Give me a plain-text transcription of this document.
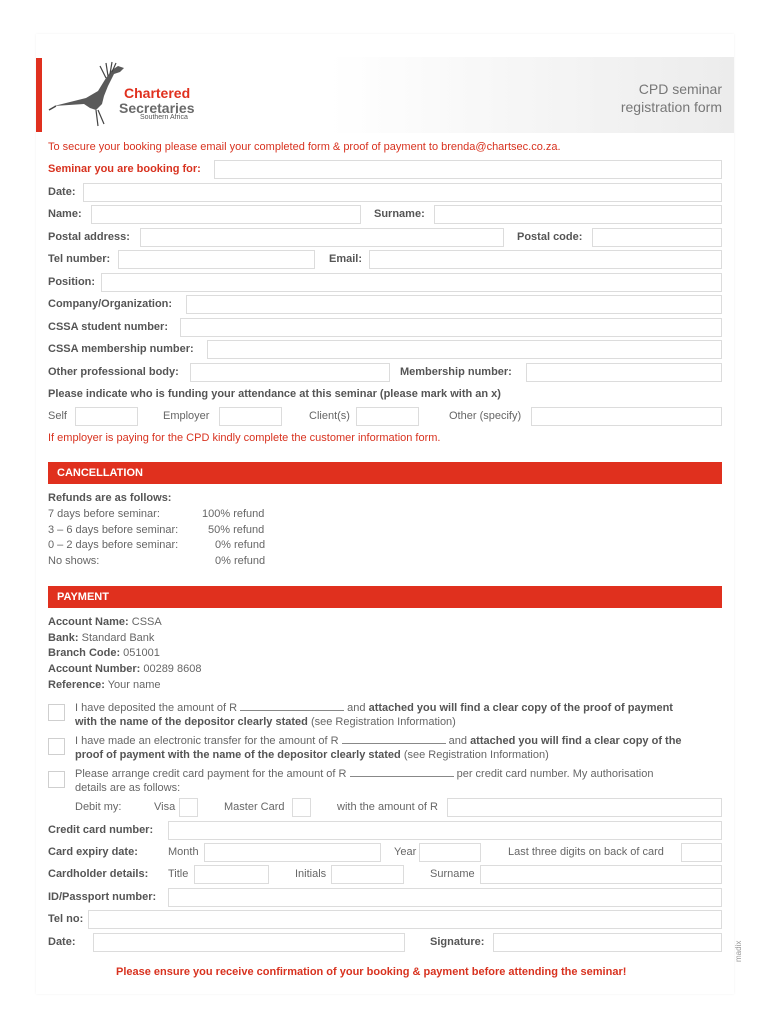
Chartered
Secretaries
Southern Africa
CPD seminar
registration form
To secure your booking please email your completed form & proof of payment to brenda@chartsec.co.za.
Seminar you are booking for:
Date:
Name:	Surname:
Postal address:	Postal code:
Tel number:	Email:
Position:
Company/Organization:
CSSA student number:
CSSA membership number:
Other professional body:	Membership number:
Please indicate who is funding your attendance at this seminar (please mark with an x)
Self	Employer	Client(s)	Other (specify)
If employer is paying for the CPD kindly complete the customer information form.
CANCELLATION
Refunds are as follows:
7 days before seminar:	100% refund
3 – 6 days before seminar:	50% refund
0 – 2 days before seminar:	0% refund
No shows:	0% refund
PAYMENT
Account Name: CSSA
Bank: Standard Bank
Branch Code: 051001
Account Number: 00289 8608
Reference: Your name
I have deposited the amount of R	and attached you will find a clear copy of the proof of payment
with the name of the depositor clearly stated (see Registration Information)
I have made an electronic transfer for the amount of R	and attached you will find a clear copy of the
proof of payment with the name of the depositor clearly stated (see Registration Information)
Please arrange credit card payment for the amount of R	per credit card number. My authorisation
details are as follows:
Debit my:	Visa	Master Card	with the amount of R
Credit card number:
Card expiry date:	Month	Year	Last three digits on back of card
Cardholder details: Title	Initials	Surname
ID/Passport number:
Tel no:
Date:	Signature:
Please ensure you receive confirmation of your booking & payment before attending the seminar!
madix
